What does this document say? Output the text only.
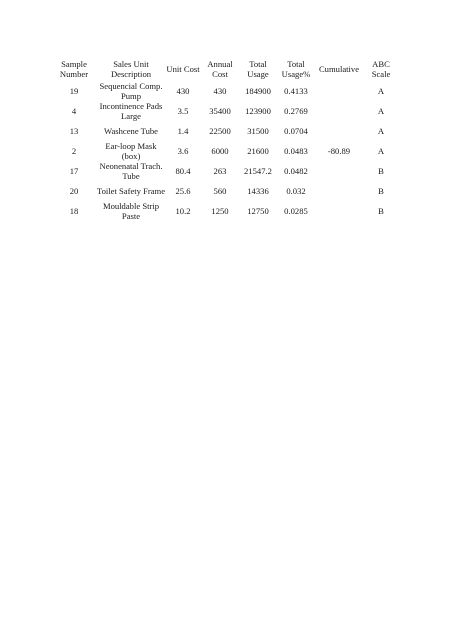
Sample Number	Sales Unit Description	Unit Cost	Annual Cost	Total Usage	Total Usage%	Cumulative	ABC Scale
19	Sequencial Comp. Pump	430	430	184900	0.4133		A
4	Incontinence Pads Large	3.5	35400	123900	0.2769		A
13	Washcene Tube	1.4	22500	31500	0.0704		A
2	Ear-loop Mask (box)	3.6	6000	21600	0.0483	-80.89	A
17	Neonenatal Trach. Tube	80.4	263	21547.2	0.0482		B
20	Toilet Safety Frame	25.6	560	14336	0.032		B
18	Mouldable Strip Paste	10.2	1250	12750	0.0285		B
